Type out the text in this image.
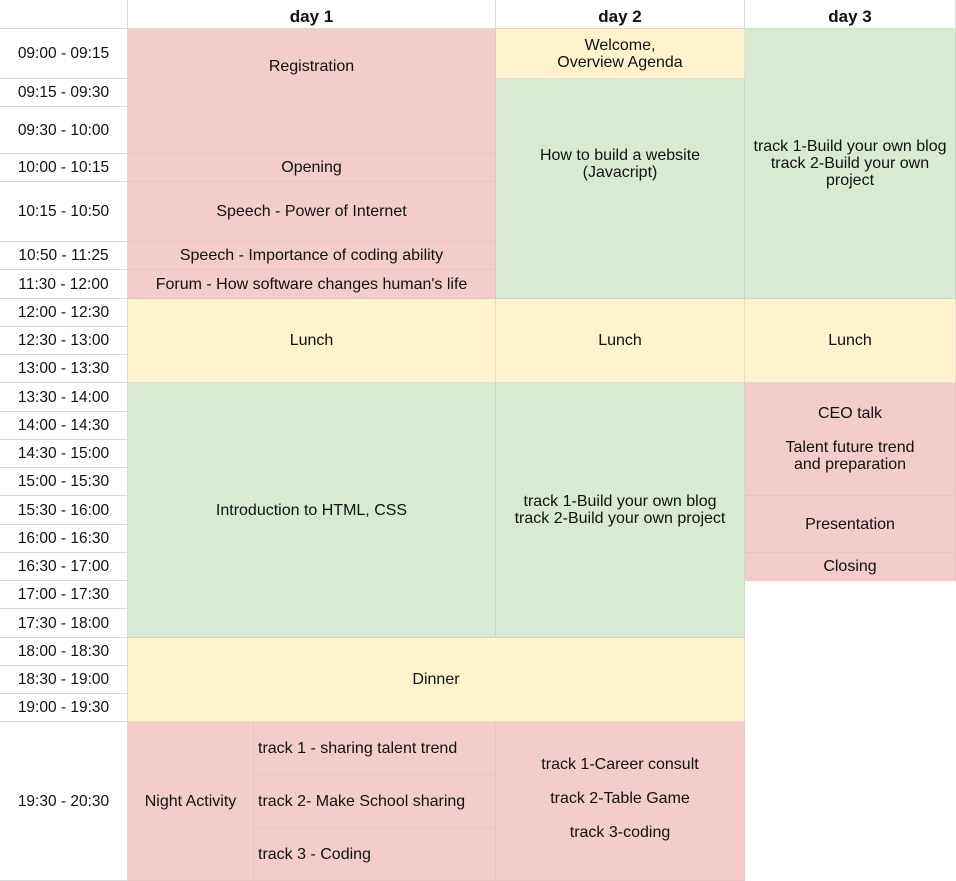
day 1	day 2	day 3
09:00 - 09:15
09:15 - 09:30
09:30 - 10:00
10:00 - 10:15
10:15 - 10:50
10:50 - 11:25
11:30 - 12:00
12:00 - 12:30
12:30 - 13:00
13:00 - 13:30
13:30 - 14:00
14:00 - 14:30
14:30 - 15:00
15:00 - 15:30
15:30 - 16:00
16:00 - 16:30
16:30 - 17:00
17:00 - 17:30
17:30 - 18:00
18:00 - 18:30
18:30 - 19:00
19:00 - 19:30
19:30 - 20:30
Registration
Opening
Speech - Power of Internet
Speech - Importance of coding ability
Forum - How software changes human's life
Lunch
Introduction to HTML, CSS
Dinner
Night Activity
track 1 - sharing talent trend
track 2- Make School sharing
track 3 - Coding
Welcome,
Overview Agenda
How to build a website
(Javacript)
Lunch
track 1-Build your own blog
track 2-Build your own project
track 1-Career consult
track 2-Table Game
track 3-coding
track 1-Build your own blog
track 2-Build your own
project
Lunch
CEO talk
Talent future trend
and preparation
Presentation
Closing
